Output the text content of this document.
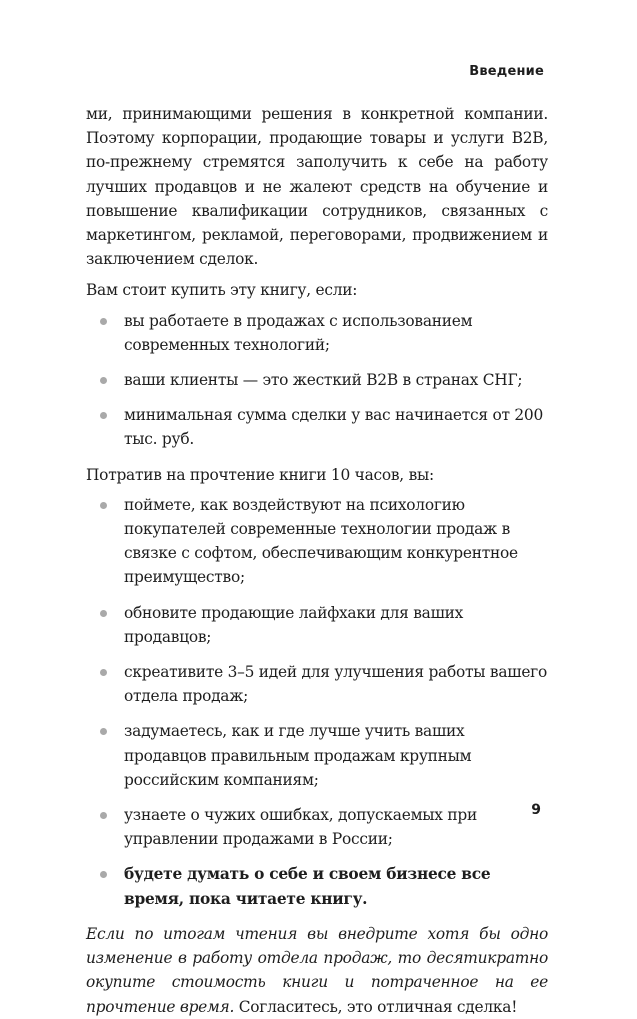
Введение

ми, принимающими решения в конкретной компании. Поэтому корпорации, продающие товары и услуги B2B, по-прежнему стремятся заполучить к себе на работу лучших продавцов и не жалеют средств на обучение и повышение квалификации сотрудников, связанных с маркетингом, рекламой, переговорами, продвижением и заключением сделок.

Вам стоит купить эту книгу, если:

вы работаете в продажах с использованием современных технологий;
ваши клиенты — это жесткий B2B в странах СНГ;
минимальная сумма сделки у вас начинается от 200 тыс. руб.

Потратив на прочтение книги 10 часов, вы:

поймете, как воздействуют на психологию покупателей современные технологии продаж в связке с софтом, обеспечивающим конкурентное преимущество;
обновите продающие лайфхаки для ваших продавцов;
скреативите 3–5 идей для улучшения работы вашего отдела продаж;
задумаетесь, как и где лучше учить ваших продавцов правильным продажам крупным российским компаниям;
узнаете о чужих ошибках, допускаемых при управлении продажами в России;
будете думать о себе и своем бизнесе все время, пока читаете книгу.

Если по итогам чтения вы внедрите хотя бы одно изменение в работу отдела продаж, то десятикратно окупите стоимость книги и потраченное на ее прочтение время. Согласитесь, это отличная сделка!

9
